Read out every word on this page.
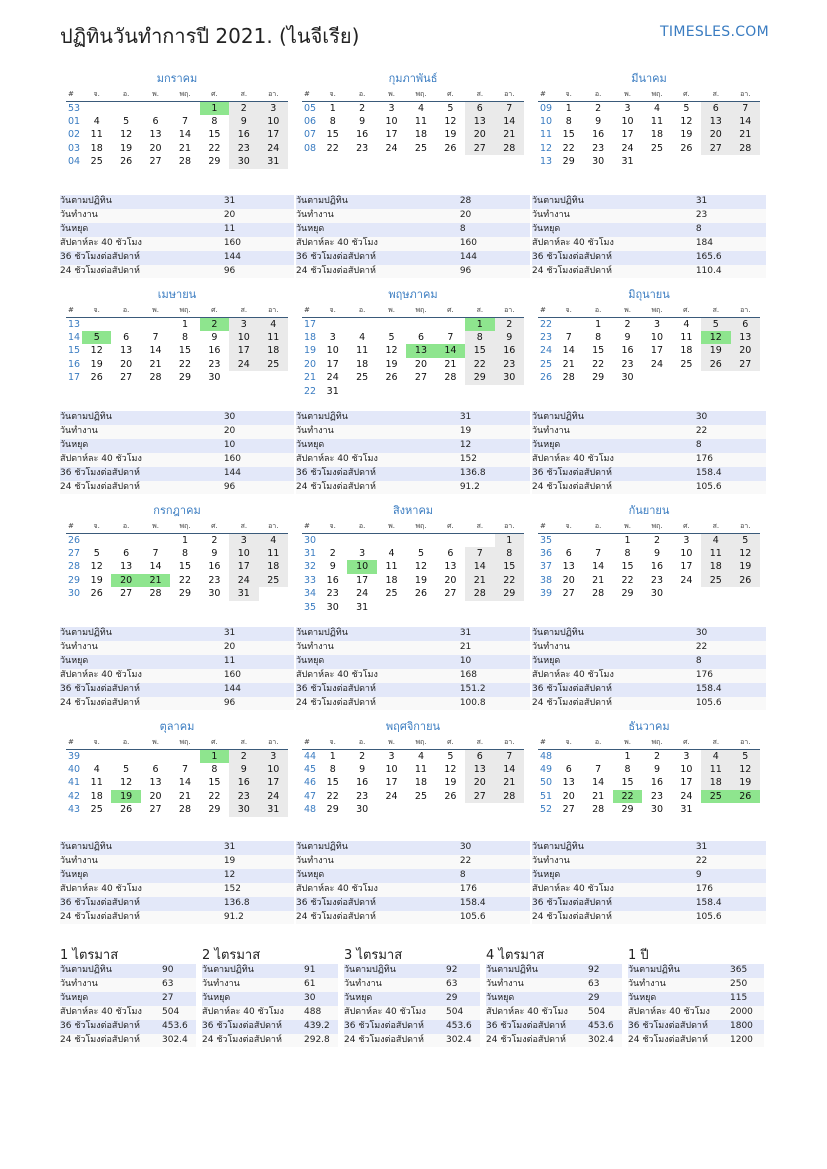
ปฏิทินวันทำการปี 2021. (ไนจีเรีย)	TIMESLES.COM
มกราคม
#	จ.	อ.	พ.	พฤ.	ศ.	ส.	อา.
53					1	2	3
01	4	5	6	7	8	9	10
02	11	12	13	14	15	16	17
03	18	19	20	21	22	23	24
04	25	26	27	28	29	30	31
วันตามปฏิทิน	31
วันทำงาน	20
วันหยุด	11
สัปดาห์ละ 40 ชั่วโมง	160
36 ชั่วโมงต่อสัปดาห์	144
24 ชั่วโมงต่อสัปดาห์	96
กุมภาพันธ์
#	จ.	อ.	พ.	พฤ.	ศ.	ส.	อา.
05	1	2	3	4	5	6	7
06	8	9	10	11	12	13	14
07	15	16	17	18	19	20	21
08	22	23	24	25	26	27	28
วันตามปฏิทิน	28
วันทำงาน	20
วันหยุด	8
สัปดาห์ละ 40 ชั่วโมง	160
36 ชั่วโมงต่อสัปดาห์	144
24 ชั่วโมงต่อสัปดาห์	96
มีนาคม
#	จ.	อ.	พ.	พฤ.	ศ.	ส.	อา.
09	1	2	3	4	5	6	7
10	8	9	10	11	12	13	14
11	15	16	17	18	19	20	21
12	22	23	24	25	26	27	28
13	29	30	31				
วันตามปฏิทิน	31
วันทำงาน	23
วันหยุด	8
สัปดาห์ละ 40 ชั่วโมง	184
36 ชั่วโมงต่อสัปดาห์	165.6
24 ชั่วโมงต่อสัปดาห์	110.4
เมษายน
#	จ.	อ.	พ.	พฤ.	ศ.	ส.	อา.
13				1	2	3	4
14	5	6	7	8	9	10	11
15	12	13	14	15	16	17	18
16	19	20	21	22	23	24	25
17	26	27	28	29	30		
วันตามปฏิทิน	30
วันทำงาน	20
วันหยุด	10
สัปดาห์ละ 40 ชั่วโมง	160
36 ชั่วโมงต่อสัปดาห์	144
24 ชั่วโมงต่อสัปดาห์	96
พฤษภาคม
#	จ.	อ.	พ.	พฤ.	ศ.	ส.	อา.
17						1	2
18	3	4	5	6	7	8	9
19	10	11	12	13	14	15	16
20	17	18	19	20	21	22	23
21	24	25	26	27	28	29	30
22	31						
วันตามปฏิทิน	31
วันทำงาน	19
วันหยุด	12
สัปดาห์ละ 40 ชั่วโมง	152
36 ชั่วโมงต่อสัปดาห์	136.8
24 ชั่วโมงต่อสัปดาห์	91.2
มิถุนายน
#	จ.	อ.	พ.	พฤ.	ศ.	ส.	อา.
22		1	2	3	4	5	6
23	7	8	9	10	11	12	13
24	14	15	16	17	18	19	20
25	21	22	23	24	25	26	27
26	28	29	30				
วันตามปฏิทิน	30
วันทำงาน	22
วันหยุด	8
สัปดาห์ละ 40 ชั่วโมง	176
36 ชั่วโมงต่อสัปดาห์	158.4
24 ชั่วโมงต่อสัปดาห์	105.6
กรกฎาคม
#	จ.	อ.	พ.	พฤ.	ศ.	ส.	อา.
26				1	2	3	4
27	5	6	7	8	9	10	11
28	12	13	14	15	16	17	18
29	19	20	21	22	23	24	25
30	26	27	28	29	30	31	
วันตามปฏิทิน	31
วันทำงาน	20
วันหยุด	11
สัปดาห์ละ 40 ชั่วโมง	160
36 ชั่วโมงต่อสัปดาห์	144
24 ชั่วโมงต่อสัปดาห์	96
สิงหาคม
#	จ.	อ.	พ.	พฤ.	ศ.	ส.	อา.
30							1
31	2	3	4	5	6	7	8
32	9	10	11	12	13	14	15
33	16	17	18	19	20	21	22
34	23	24	25	26	27	28	29
35	30	31					
วันตามปฏิทิน	31
วันทำงาน	21
วันหยุด	10
สัปดาห์ละ 40 ชั่วโมง	168
36 ชั่วโมงต่อสัปดาห์	151.2
24 ชั่วโมงต่อสัปดาห์	100.8
กันยายน
#	จ.	อ.	พ.	พฤ.	ศ.	ส.	อา.
35			1	2	3	4	5
36	6	7	8	9	10	11	12
37	13	14	15	16	17	18	19
38	20	21	22	23	24	25	26
39	27	28	29	30			
วันตามปฏิทิน	30
วันทำงาน	22
วันหยุด	8
สัปดาห์ละ 40 ชั่วโมง	176
36 ชั่วโมงต่อสัปดาห์	158.4
24 ชั่วโมงต่อสัปดาห์	105.6
ตุลาคม
#	จ.	อ.	พ.	พฤ.	ศ.	ส.	อา.
39					1	2	3
40	4	5	6	7	8	9	10
41	11	12	13	14	15	16	17
42	18	19	20	21	22	23	24
43	25	26	27	28	29	30	31
วันตามปฏิทิน	31
วันทำงาน	19
วันหยุด	12
สัปดาห์ละ 40 ชั่วโมง	152
36 ชั่วโมงต่อสัปดาห์	136.8
24 ชั่วโมงต่อสัปดาห์	91.2
พฤศจิกายน
#	จ.	อ.	พ.	พฤ.	ศ.	ส.	อา.
44	1	2	3	4	5	6	7
45	8	9	10	11	12	13	14
46	15	16	17	18	19	20	21
47	22	23	24	25	26	27	28
48	29	30					
วันตามปฏิทิน	30
วันทำงาน	22
วันหยุด	8
สัปดาห์ละ 40 ชั่วโมง	176
36 ชั่วโมงต่อสัปดาห์	158.4
24 ชั่วโมงต่อสัปดาห์	105.6
ธันวาคม
#	จ.	อ.	พ.	พฤ.	ศ.	ส.	อา.
48			1	2	3	4	5
49	6	7	8	9	10	11	12
50	13	14	15	16	17	18	19
51	20	21	22	23	24	25	26
52	27	28	29	30	31		
วันตามปฏิทิน	31
วันทำงาน	22
วันหยุด	9
สัปดาห์ละ 40 ชั่วโมง	176
36 ชั่วโมงต่อสัปดาห์	158.4
24 ชั่วโมงต่อสัปดาห์	105.6
1 ไตรมาส
วันตามปฏิทิน	90
วันทำงาน	63
วันหยุด	27
สัปดาห์ละ 40 ชั่วโมง	504
36 ชั่วโมงต่อสัปดาห์	453.6
24 ชั่วโมงต่อสัปดาห์	302.4
2 ไตรมาส
วันตามปฏิทิน	91
วันทำงาน	61
วันหยุด	30
สัปดาห์ละ 40 ชั่วโมง	488
36 ชั่วโมงต่อสัปดาห์	439.2
24 ชั่วโมงต่อสัปดาห์	292.8
3 ไตรมาส
วันตามปฏิทิน	92
วันทำงาน	63
วันหยุด	29
สัปดาห์ละ 40 ชั่วโมง	504
36 ชั่วโมงต่อสัปดาห์	453.6
24 ชั่วโมงต่อสัปดาห์	302.4
4 ไตรมาส
วันตามปฏิทิน	92
วันทำงาน	63
วันหยุด	29
สัปดาห์ละ 40 ชั่วโมง	504
36 ชั่วโมงต่อสัปดาห์	453.6
24 ชั่วโมงต่อสัปดาห์	302.4
1 ปี
วันตามปฏิทิน	365
วันทำงาน	250
วันหยุด	115
สัปดาห์ละ 40 ชั่วโมง	2000
36 ชั่วโมงต่อสัปดาห์	1800
24 ชั่วโมงต่อสัปดาห์	1200
